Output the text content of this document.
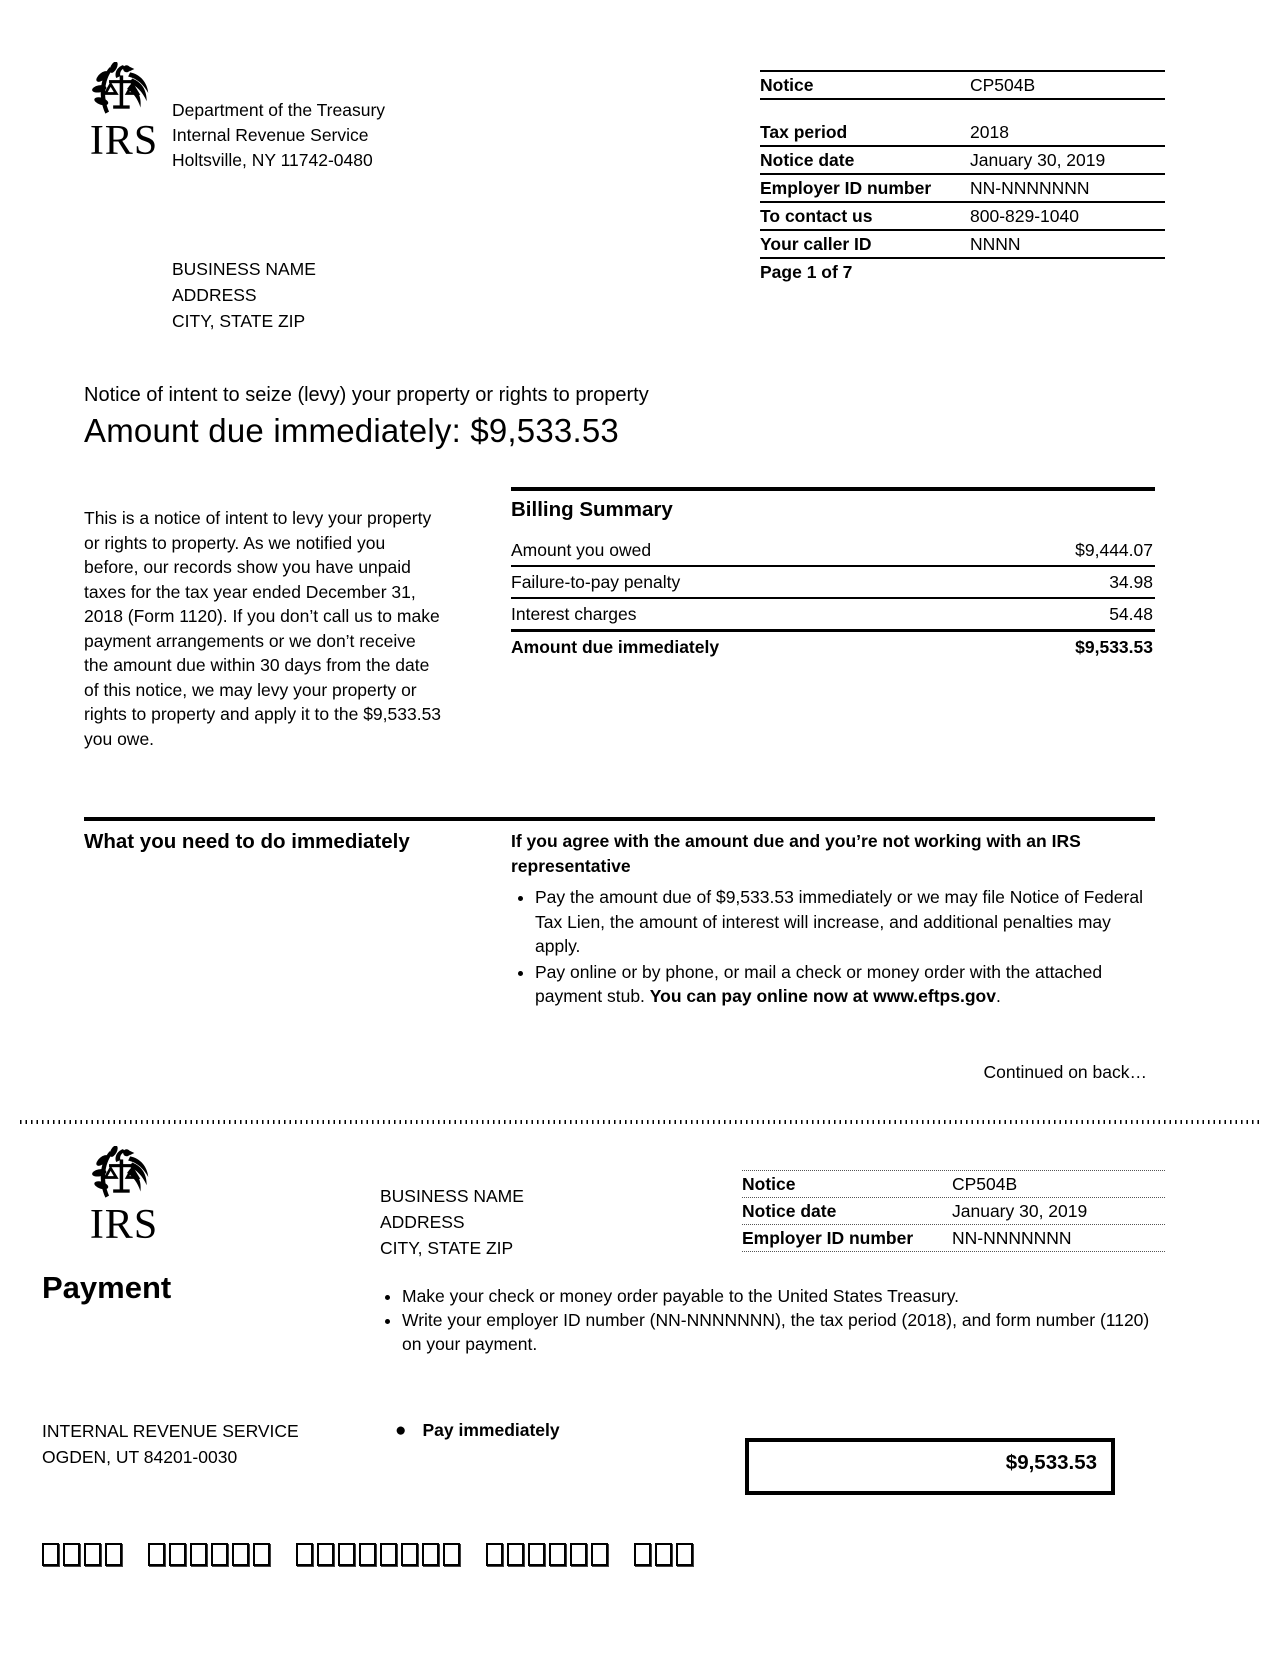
IRS
Department of the Treasury
Internal Revenue Service
Holtsville, NY 11742-0480
Notice	CP504B
Tax period	2018
Notice date	January 30, 2019
Employer ID number	NN-NNNNNNN
To contact us	800-829-1040
Your caller ID	NNNN
Page 1 of 7
BUSINESS NAME
ADDRESS
CITY, STATE ZIP
Notice of intent to seize (levy) your property or rights to property
Amount due immediately: $9,533.53
This is a notice of intent to levy your property or rights to property. As we notified you before, our records show you have unpaid taxes for the tax year ended December 31, 2018 (Form 1120). If you don’t call us to make payment arrangements or we don’t receive the amount due within 30 days from the date of this notice, we may levy your property or rights to property and apply it to the $9,533.53 you owe.
Billing Summary
Amount you owed	$9,444.07
Failure-to-pay penalty	34.98
Interest charges	54.48
Amount due immediately	$9,533.53
What you need to do immediately	If you agree with the amount due and you’re not working with an IRS representative
• Pay the amount due of $9,533.53 immediately or we may file Notice of Federal Tax Lien, the amount of interest will increase, and additional penalties may apply.
• Pay online or by phone, or mail a check or money order with the attached payment stub. You can pay online now at www.eftps.gov.
Continued on back…
IRS
BUSINESS NAME
ADDRESS
CITY, STATE ZIP
Notice	CP504B
Notice date	January 30, 2019
Employer ID number	NN-NNNNNNN
Payment	• Make your check or money order payable to the United States Treasury.
• Write your employer ID number (NN-NNNNNNN), the tax period (2018), and form number (1120) on your payment.
INTERNAL REVENUE SERVICE
OGDEN, UT 84201-0030
● Pay immediately
$9,533.53
